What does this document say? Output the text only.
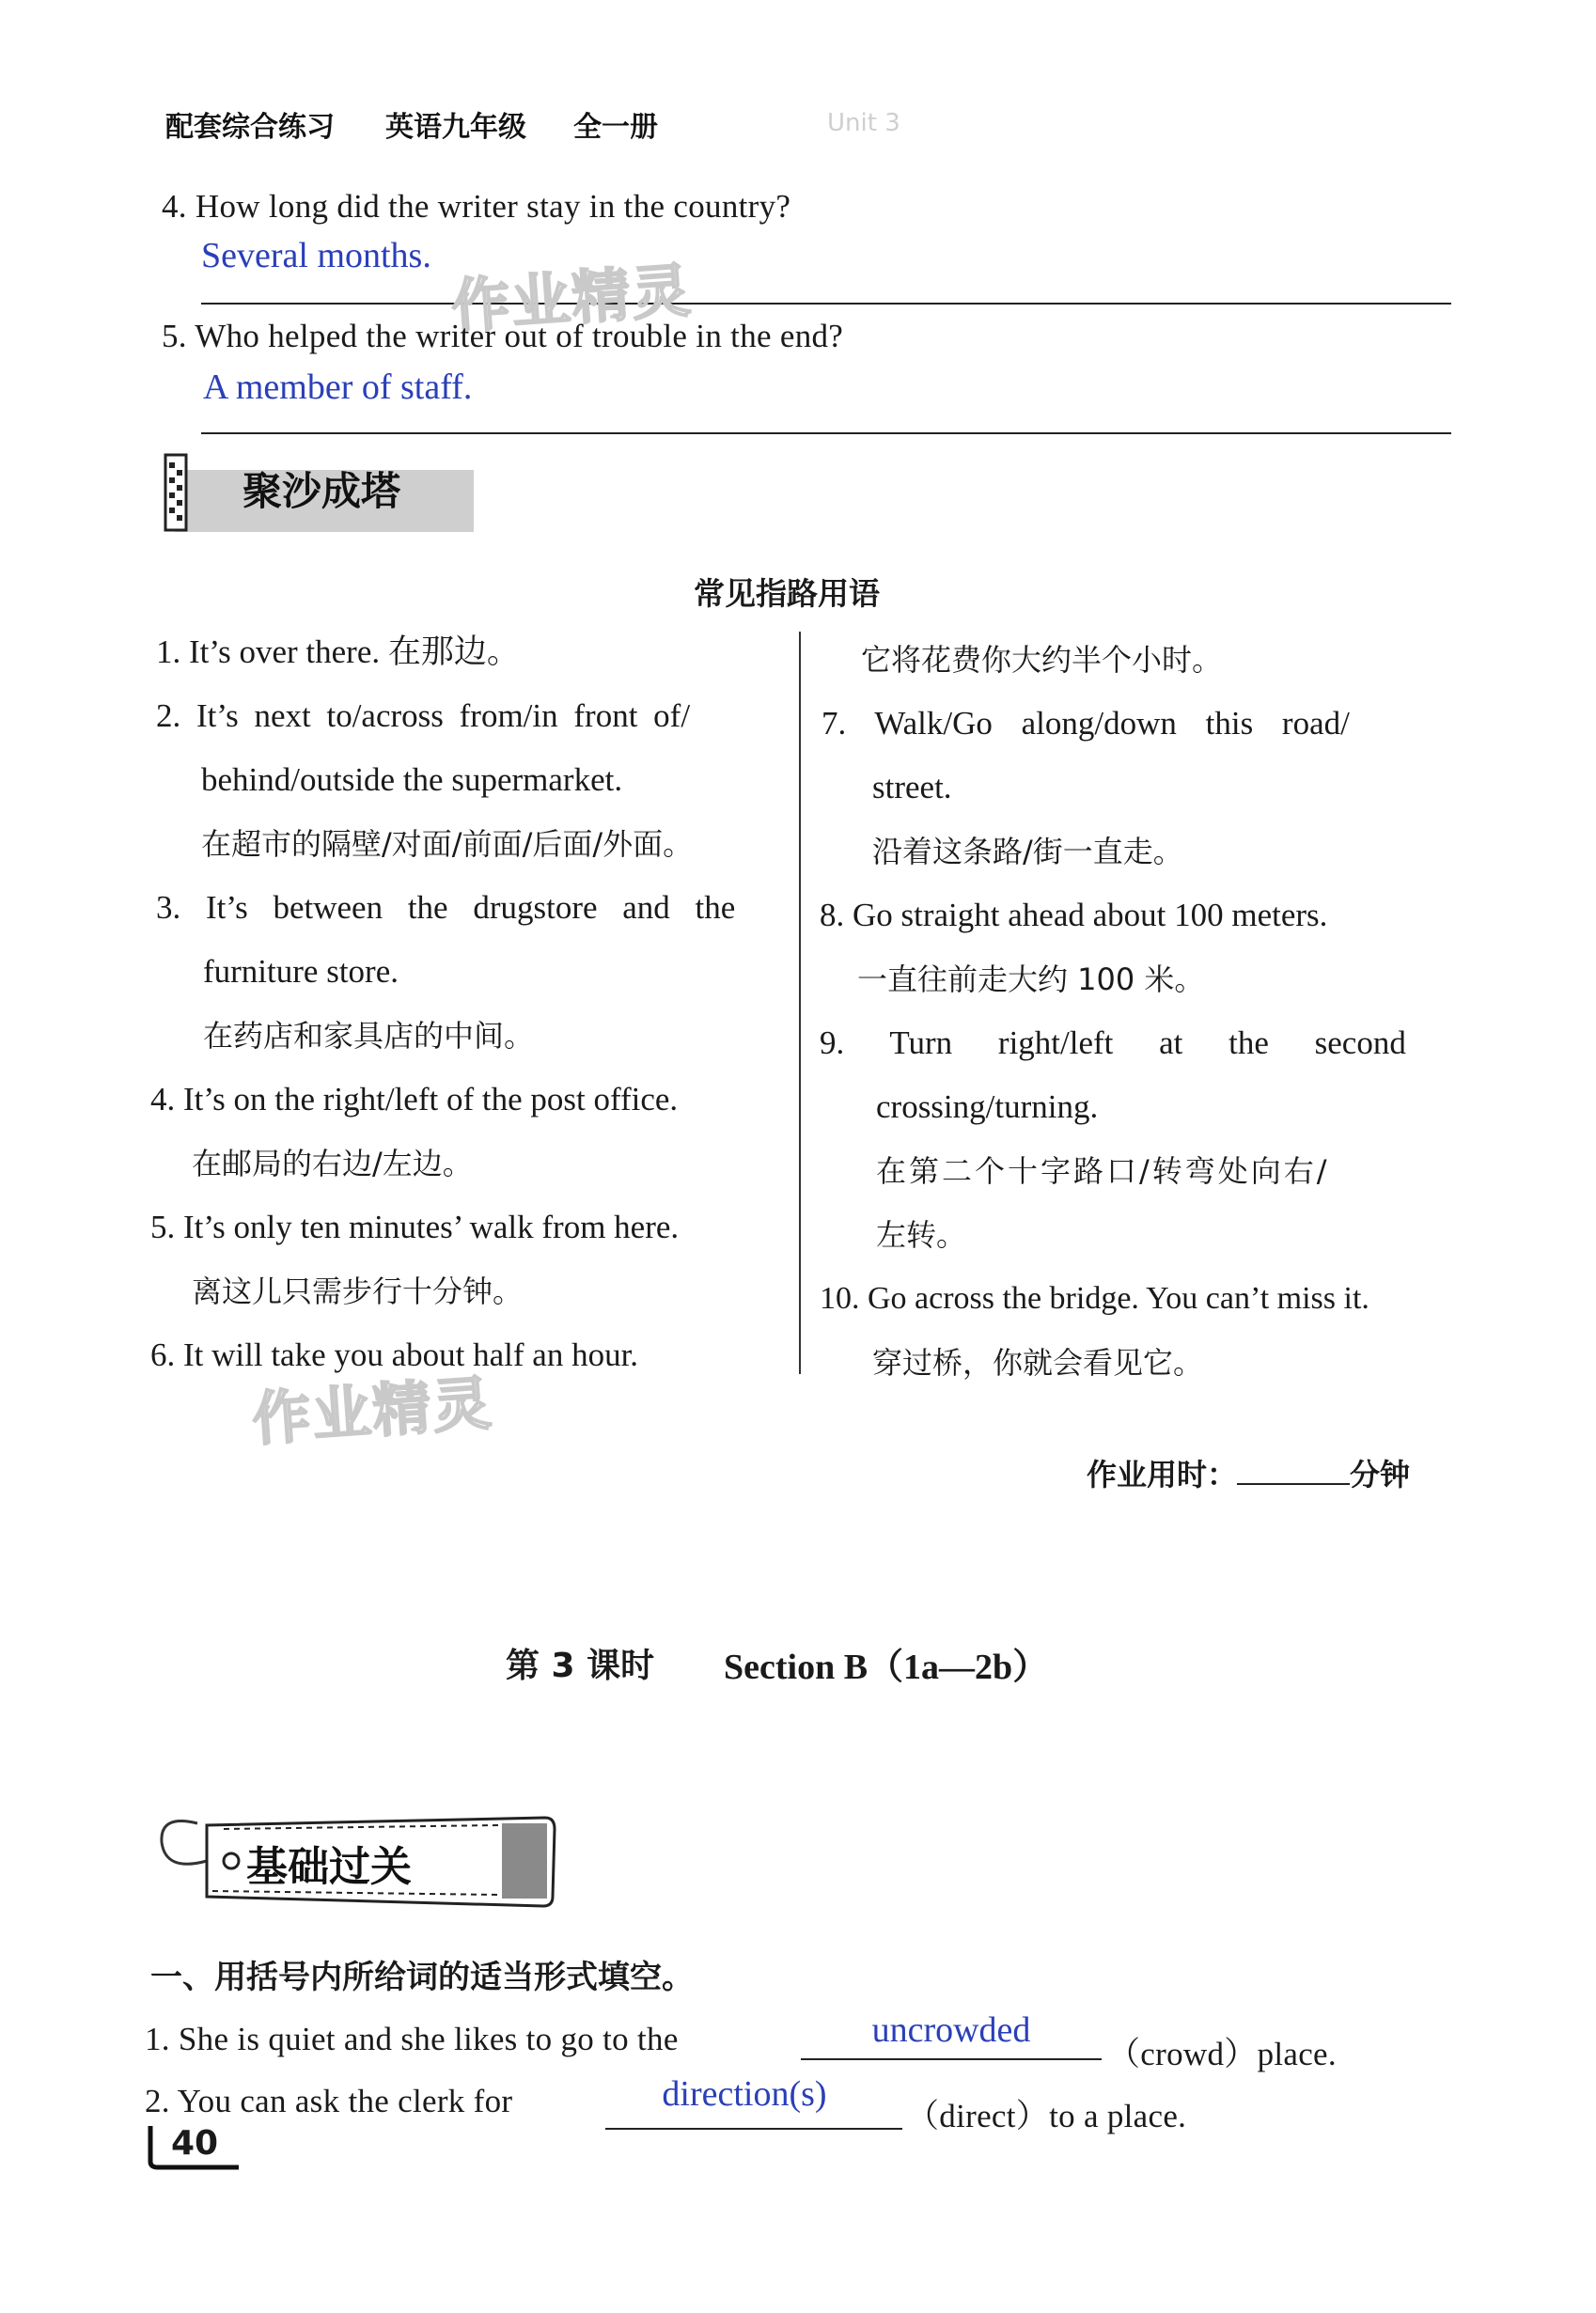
配套综合练习 英语九年级 全一册	Unit 3
4. How long did the writer stay in the country?
Several months.
作业精灵
5. Who helped the writer out of trouble in the end?
A member of staff.
聚沙成塔
常见指路用语
1. It’s over there. 在那边。
2. It’s next to/across from/in front of/
behind/outside the supermarket.
在超市的隔壁/对面/前面/后面/外面。
3. It’s between the drugstore and the
furniture store.
在药店和家具店的中间。
4. It’s on the right/left of the post office.
在邮局的右边/左边。
5. It’s only ten minutes’ walk from here.
离这儿只需步行十分钟。
6. It will take you about half an hour.
它将花费你大约半个小时。
7. Walk/Go along/down this road/
street.
沿着这条路/街一直走。
8. Go straight ahead about 100 meters.
一直往前走大约 100 米。
9. Turn right/left at the second
crossing/turning.
在第二个十字路口/转弯处向右/
左转。
10. Go across the bridge. You can’t miss it.
穿过桥，你就会看见它。
作业精灵
作业用时：	分钟
第 3 课时 Section B（1a—2b）
基础过关
一、用括号内所给词的适当形式填空。
1. She is quiet and she likes to go to the	uncrowded
（crowd）place.
2. You can ask the clerk for	direction(s)
（direct）to a place.
40
